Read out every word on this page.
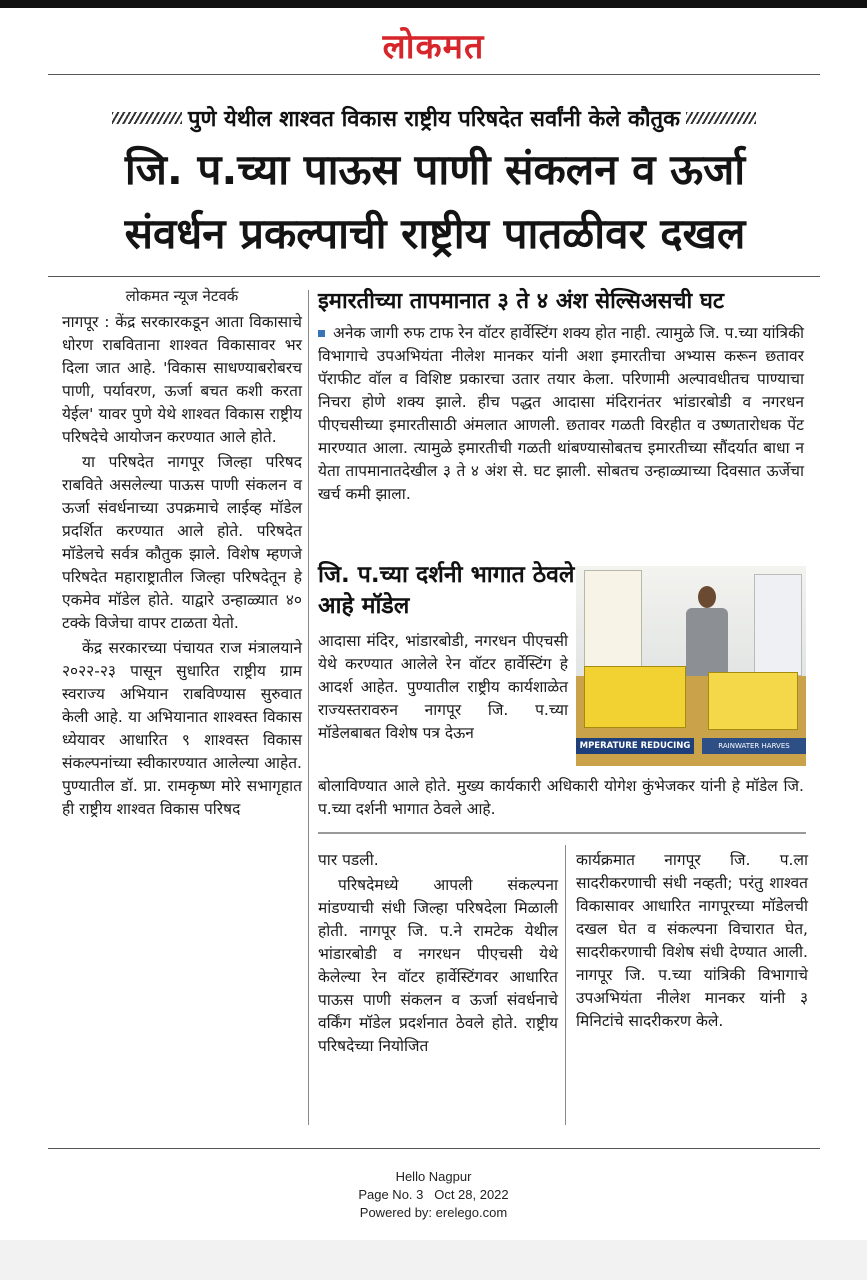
लोकमत
पुणे येथील शाश्वत विकास राष्ट्रीय परिषदेत सर्वांनी केले कौतुक
जि. प.च्या पाऊस पाणी संकलन व ऊर्जा
संवर्धन प्रकल्पाची राष्ट्रीय पातळीवर दखल
लोकमत न्यूज नेटवर्क

नागपूर : केंद्र सरकारकडून आता विकासाचे धोरण राबविताना शाश्वत विकासावर भर दिला जात आहे. 'विकास साधण्याबरोबरच पाणी, पर्यावरण, ऊर्जा बचत कशी करता येईल' यावर पुणे येथे शाश्वत विकास राष्ट्रीय परिषदेचे आयोजन करण्यात आले होते.

या परिषदेत नागपूर जिल्हा परिषद राबविते असलेल्या पाऊस पाणी संकलन व ऊर्जा संवर्धनाच्या उपक्रमाचे लाईव्ह मॉडेल प्रदर्शित करण्यात आले होते. परिषदेत मॉडेलचे सर्वत्र कौतुक झाले. विशेष म्हणजे परिषदेत महाराष्ट्रातील जिल्हा परिषदेतून हे एकमेव मॉडेल होते. याद्वारे उन्हाळ्यात ४० टक्के विजेचा वापर टाळता येतो.

केंद्र सरकारच्या पंचायत राज मंत्रालयाने २०२२-२३ पासून सुधारित राष्ट्रीय ग्राम स्वराज्य अभियान राबविण्यास सुरुवात केली आहे. या अभियानात शाश्वस्त विकास ध्येयावर आधारित ९ शाश्वस्त विकास संकल्पनांच्या स्वीकारण्यात आलेल्या आहेत. पुण्यातील डॉ. प्रा. रामकृष्ण मोरे सभागृहात ही राष्ट्रीय शाश्वत विकास परिषद

इमारतीच्या तापमानात ३ ते ४ अंश सेल्सिअसची घट

अनेक जागी रुफ टाफ रेन वॉटर हार्वेस्टिंग शक्य होत नाही. त्यामुळे जि. प.च्या यांत्रिकी विभागाचे उपअभियंता नीलेश मानकर यांनी अशा इमारतीचा अभ्यास करून छतावर पॅराफीट वॉल व विशिष्ट प्रकारचा उतार तयार केला. परिणामी अल्पावधीतच पाण्याचा निचरा होणे शक्य झाले. हीच पद्धत आदासा मंदिरानंतर भांडारबोडी व नगरधन पीएचसीच्या इमारतीसाठी अंमलात आणली. छतावर गळती विरहीत व उष्णतारोधक पेंट मारण्यात आला. त्यामुळे इमारतीची गळती थांबण्यासोबतच इमारतीच्या सौंदर्यात बाधा न येता तापमानातदेखील ३ ते ४ अंश से. घट झाली. सोबतच उन्हाळ्याच्या दिवसात ऊर्जेचा खर्च कमी झाला.

जि. प.च्या दर्शनी भागात ठेवले आहे मॉडेल

आदासा मंदिर, भांडारबोडी, नगरधन पीएचसी येथे करण्यात आलेले रेन वॉटर हार्वेस्टिंग हे आदर्श आहेत. पुण्यातील राष्ट्रीय कार्यशाळेत राज्यस्तरावरुन नागपूर जि. प.च्या मॉडेलबाबत विशेष पत्र देऊन

बोलाविण्यात आले होते. मुख्य कार्यकारी अधिकारी योगेश कुंभेजकर यांनी हे मॉडेल जि. प.च्या दर्शनी भागात ठेवले आहे.

MPERATURE REDUCING	RAINWATER HARVES

पार पडली.

परिषदेमध्ये आपली संकल्पना मांडण्याची संधी जिल्हा परिषदेला मिळाली होती. नागपूर जि. प.ने रामटेक येथील भांडारबोडी व नगरधन पीएचसी येथे केलेल्या रेन वॉटर हार्वेस्टिंगवर आधारित पाऊस पाणी संकलन व ऊर्जा संवर्धनाचे वर्किंग मॉडेल प्रदर्शनात ठेवले होते. राष्ट्रीय परिषदेच्या नियोजित

कार्यक्रमात नागपूर जि. प.ला सादरीकरणाची संधी नव्हती; परंतु शाश्वत विकासावर आधारित नागपूरच्या मॉडेलची दखल घेत व संकल्पना विचारात घेत, सादरीकरणाची विशेष संधी देण्यात आली. नागपूर जि. प.च्या यांत्रिकी विभागाचे उपअभियंता नीलेश मानकर यांनी ३ मिनिटांचे सादरीकरण केले.

Hello Nagpur
Page No. 3   Oct 28, 2022
Powered by: erelego.com
